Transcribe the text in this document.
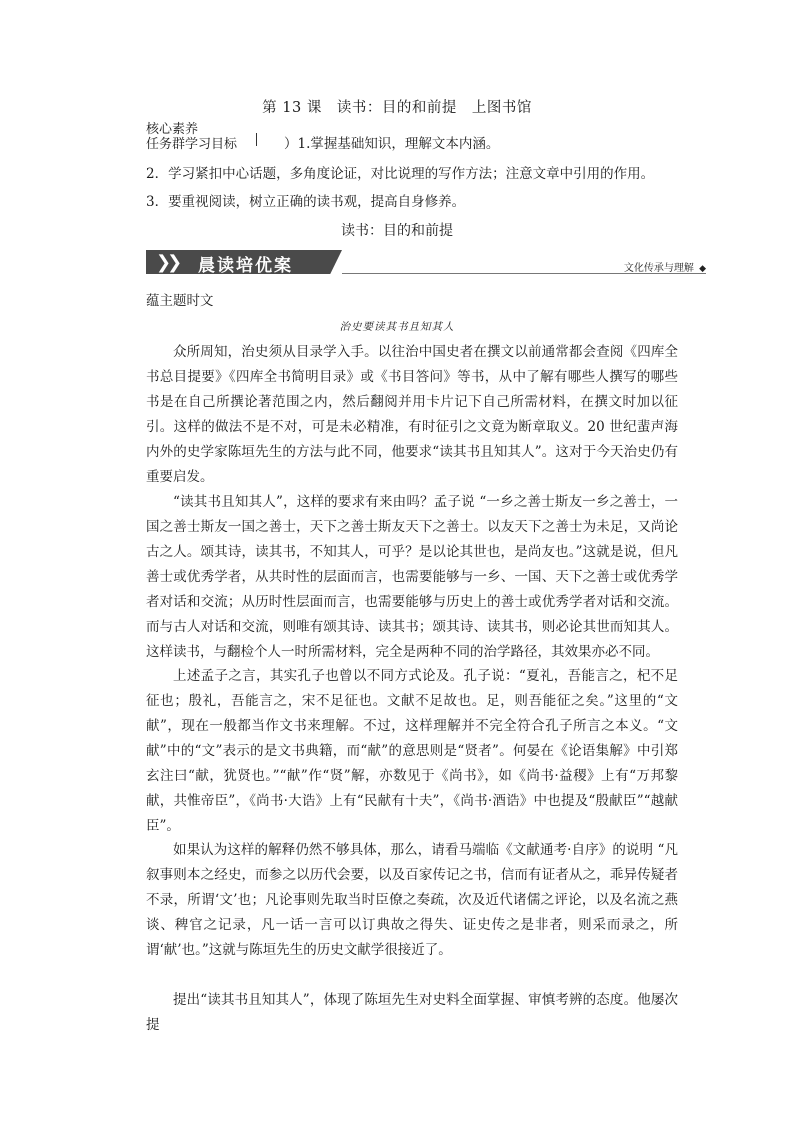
第 13 课　读书：目的和前提　上图书馆
核心素养
任务群学习目标	）1.掌握基础知识，理解文本内涵。
2．学习紧扣中心话题，多角度论证，对比说理的写作方法；注意文章中引用的作用。
3．要重视阅读，树立正确的读书观，提高自身修养。
读书：目的和前提
❯❯ 晨读培优案	文化传承与理解 ◆
蕴主题时文
治史要读其书且知其人

众所周知，治史须从目录学入手。以往治中国史者在撰文以前通常都会查阅《四库全书总目提要》《四库全书简明目录》或《书目答问》等书，从中了解有哪些人撰写的哪些书是在自己所撰论著范围之内，然后翻阅并用卡片记下自己所需材料，在撰文时加以征引。这样的做法不是不对，可是未必精准，有时征引之文竟为断章取义。20 世纪蜚声海内外的史学家陈垣先生的方法与此不同，他要求“读其书且知其人”。这对于今天治史仍有重要启发。

“读其书且知其人”，这样的要求有来由吗？孟子说 “一乡之善士斯友一乡之善士，一国之善士斯友一国之善士，天下之善士斯友天下之善士。以友天下之善士为未足，又尚论古之人。颂其诗，读其书，不知其人，可乎？是以论其世也，是尚友也。”这就是说，但凡善士或优秀学者，从共时性的层面而言，也需要能够与一乡、一国、天下之善士或优秀学者对话和交流；从历时性层面而言，也需要能够与历史上的善士或优秀学者对话和交流。而与古人对话和交流，则唯有颂其诗、读其书；颂其诗、读其书，则必论其世而知其人。这样读书，与翻检个人一时所需材料，完全是两种不同的治学路径，其效果亦必不同。

上述孟子之言，其实孔子也曾以不同方式论及。孔子说：“夏礼，吾能言之，杞不足征也；殷礼，吾能言之，宋不足征也。文献不足故也。足，则吾能征之矣。”这里的“文献”，现在一般都当作文书来理解。不过，这样理解并不完全符合孔子所言之本义。“文献”中的“文”表示的是文书典籍，而“献”的意思则是“贤者”。何晏在《论语集解》中引郑玄注曰“献，犹贤也。”“献”作“贤”解，亦数见于《尚书》，如《尚书·益稷》上有“万邦黎献，共惟帝臣”，《尚书·大诰》上有“民献有十夫”，《尚书·酒诰》中也提及“殷献臣”“越献臣”。

如果认为这样的解释仍然不够具体，那么，请看马端临《文献通考·自序》的说明 “凡叙事则本之经史，而参之以历代会要，以及百家传记之书，信而有证者从之，乖异传疑者不录，所谓‘文’也；凡论事则先取当时臣僚之奏疏，次及近代诸儒之评论，以及名流之燕谈、稗官之记录，凡一话一言可以订典故之得失、证史传之是非者，则采而录之，所谓‘献’也。”这就与陈垣先生的历史文献学很接近了。

提出“读其书且知其人”，体现了陈垣先生对史料全面掌握、审慎考辨的态度。他屡次提
